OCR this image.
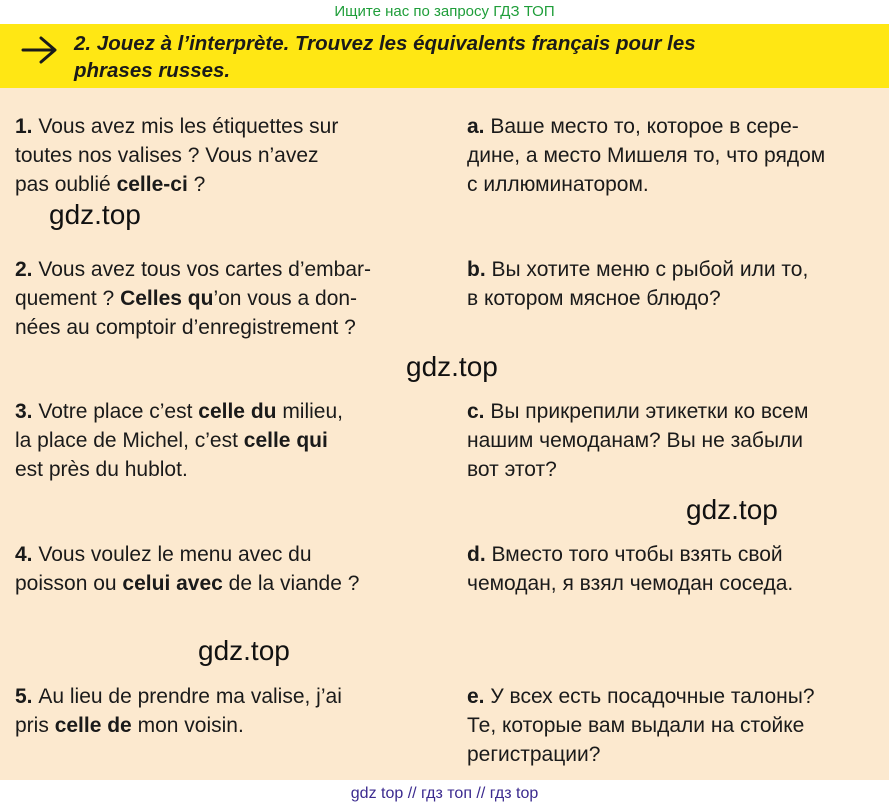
Ищите нас по запросу ГДЗ ТОП
2. Jouez à l’interprète. Trouvez les équivalents français pour les
phrases russes.
1. Vous avez mis les étiquettes sur
toutes nos valises ? Vous n’avez
pas oublié celle-ci ?
2. Vous avez tous vos cartes d’embar-
quement ? Celles qu’on vous a don-
nées au comptoir d’enregistrement ?
3. Votre place c’est celle du milieu,
la place de Michel, c’est celle qui
est près du hublot.
4. Vous voulez le menu avec du
poisson ou celui avec de la viande ?
5. Au lieu de prendre ma valise, j’ai
pris celle de mon voisin.
a. Ваше место то, которое в сере-
дине, а место Мишеля то, что рядом
с иллюминатором.
b. Вы хотите меню с рыбой или то,
в котором мясное блюдо?
c. Вы прикрепили этикетки ко всем
нашим чемоданам? Вы не забыли
вот этот?
d. Вместо того чтобы взять свой
чемодан, я взял чемодан соседа.
e. У всех есть посадочные талоны?
Те, которые вам выдали на стойке
регистрации?
gdz.top
gdz.top
gdz.top
gdz.top
gdz top // гдз топ // гдз top
